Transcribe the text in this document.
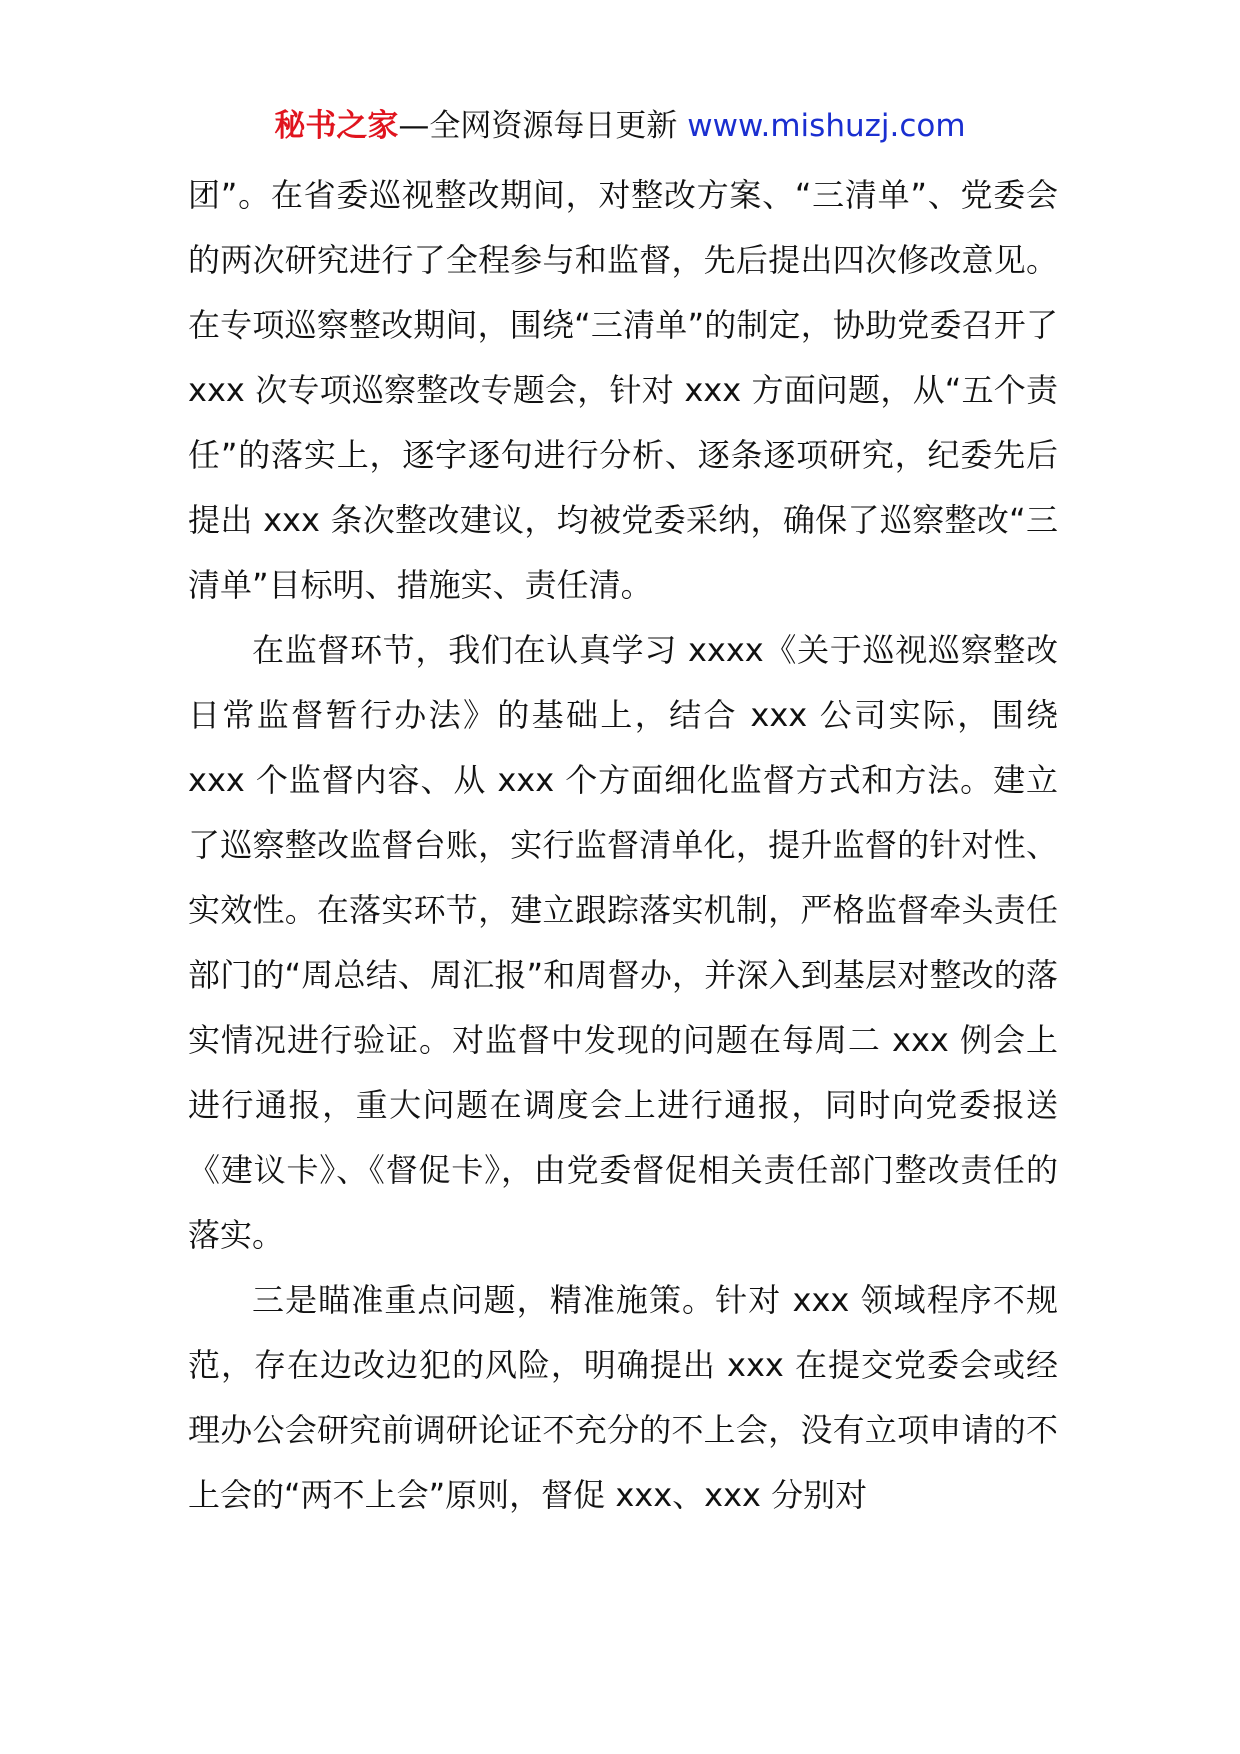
秘书之家—全网资源每日更新 www.mishuzj.com

团”。在省委巡视整改期间，对整改方案、“三清单”、党委会的两次研究进行了全程参与和监督，先后提出四次修改意见。在专项巡察整改期间，围绕“三清单”的制定，协助党委召开了 xxx 次专项巡察整改专题会，针对 xxx 方面问题，从“五个责任”的落实上，逐字逐句进行分析、逐条逐项研究，纪委先后提出 xxx 条次整改建议，均被党委采纳，确保了巡察整改“三清单”目标明、措施实、责任清。

在监督环节，我们在认真学习 xxxx《关于巡视巡察整改日常监督暂行办法》的基础上，结合 xxx 公司实际，围绕 xxx 个监督内容、从 xxx 个方面细化监督方式和方法。建立了巡察整改监督台账，实行监督清单化，提升监督的针对性、实效性。在落实环节，建立跟踪落实机制，严格监督牵头责任部门的“周总结、周汇报”和周督办，并深入到基层对整改的落实情况进行验证。对监督中发现的问题在每周二 xxx 例会上进行通报，重大问题在调度会上进行通报，同时向党委报送《建议卡》、《督促卡》，由党委督促相关责任部门整改责任的落实。

三是瞄准重点问题，精准施策。针对 xxx 领域程序不规范，存在边改边犯的风险，明确提出 xxx 在提交党委会或经理办公会研究前调研论证不充分的不上会，没有立项申请的不上会的“两不上会”原则，督促 xxx、xxx 分别对
